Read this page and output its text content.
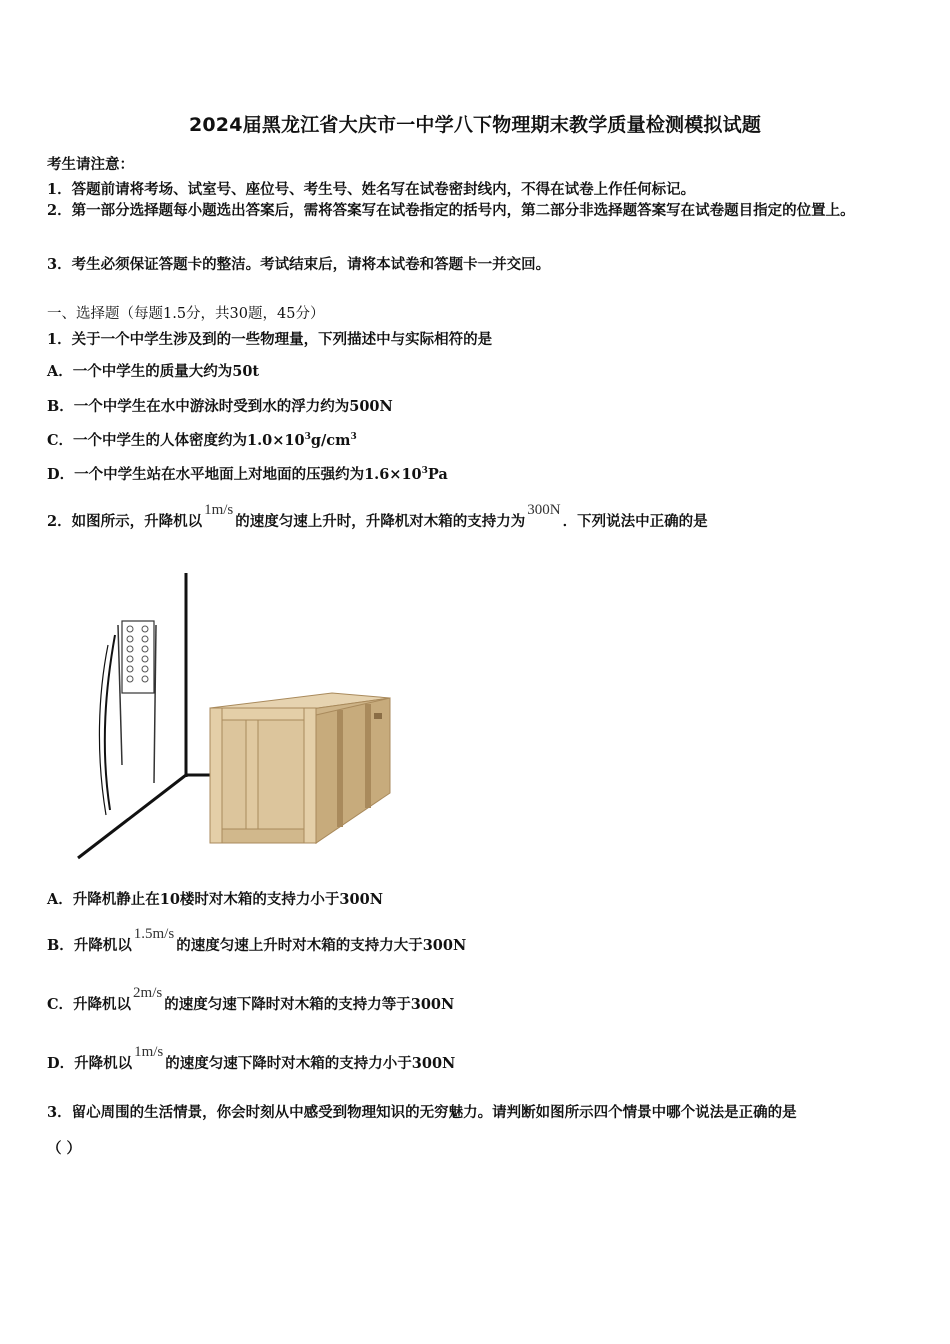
2024届黑龙江省大庆市一中学八下物理期末教学质量检测模拟试题
考生请注意：
1．答题前请将考场、试室号、座位号、考生号、姓名写在试卷密封线内，不得在试卷上作任何标记。
2．第一部分选择题每小题选出答案后，需将答案写在试卷指定的括号内，第二部分非选择题答案写在试卷题目指定的位置上。
3．考生必须保证答题卡的整洁。考试结束后，请将本试卷和答题卡一并交回。
一、选择题（每题1.5分，共30题，45分）
1．关于一个中学生涉及到的一些物理量，下列描述中与实际相符的是
A．一个中学生的质量大约为50t
B．一个中学生在水中游泳时受到水的浮力约为500N
C．一个中学生的人体密度约为$1.0\times 10^3g/cm^3$
D．一个中学生站在水平地面上对地面的压强约为$1.6\times 10^3Pa$
2．如图所示，升降机以1m/s的速度匀速上升时，升降机对木箱的支持力为300N．下列说法中正确的是
A．升降机静止在10楼时对木箱的支持力小于300N
B．升降机以1.5m/s的速度匀速上升时对木箱的支持力大于300N
C．升降机以2m/s的速度匀速下降时对木箱的支持力等于300N
D．升降机以1m/s的速度匀速下降时对木箱的支持力小于300N
3．留心周围的生活情景，你会时刻从中感受到物理知识的无穷魅力。请判断如图所示四个情景中哪个说法是正确的是
（ ）
